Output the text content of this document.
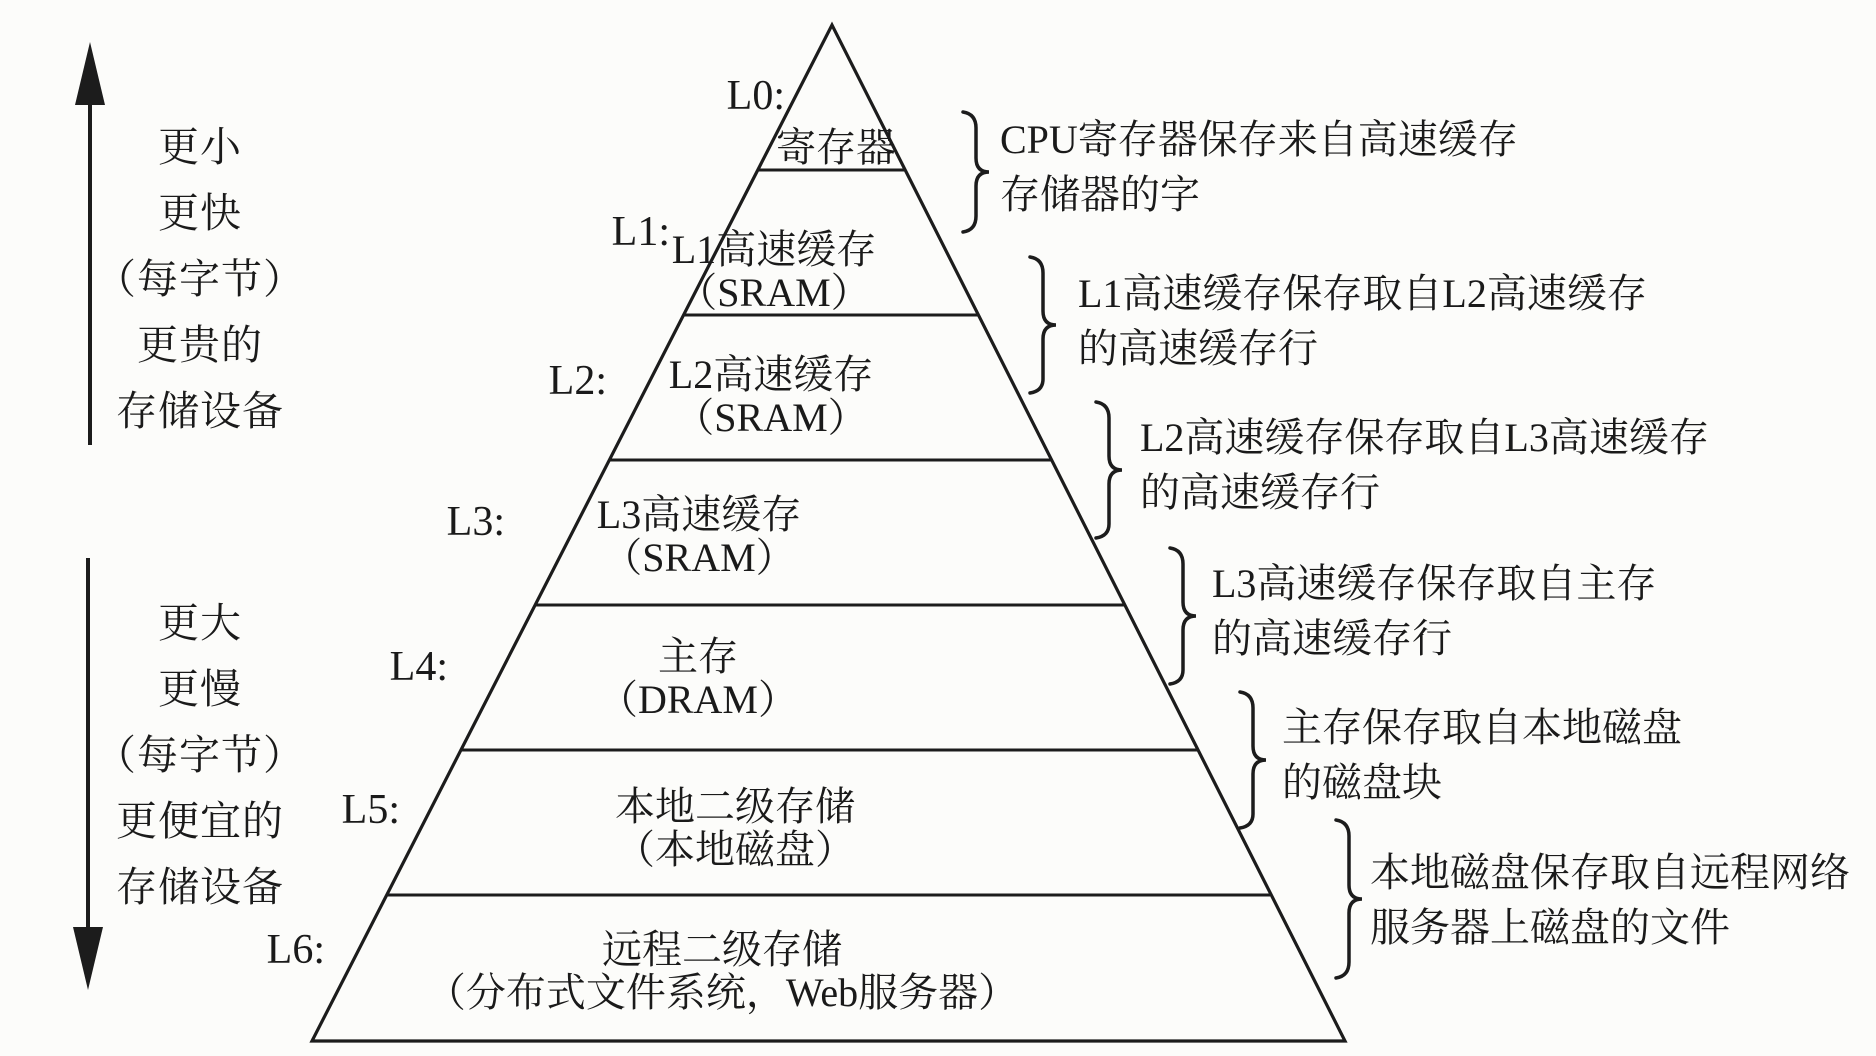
更小
更快
（每字节）
更贵的
存储设备
更大
更慢
（每字节）
更便宜的
存储设备
L0:
L1:
L2:
L3:
L4:
L5:
L6:
寄存器
L1高速缓存
（SRAM）
L2高速缓存
（SRAM）
L3高速缓存
（SRAM）
主存
（DRAM）
本地二级存储
（本地磁盘）
远程二级存储
（分布式文件系统，Web服务器）
CPU寄存器保存来自高速缓存
存储器的字
L1高速缓存保存取自L2高速缓存
的高速缓存行
L2高速缓存保存取自L3高速缓存
的高速缓存行
L3高速缓存保存取自主存
的高速缓存行
主存保存取自本地磁盘
的磁盘块
本地磁盘保存取自远程网络
服务器上磁盘的文件
